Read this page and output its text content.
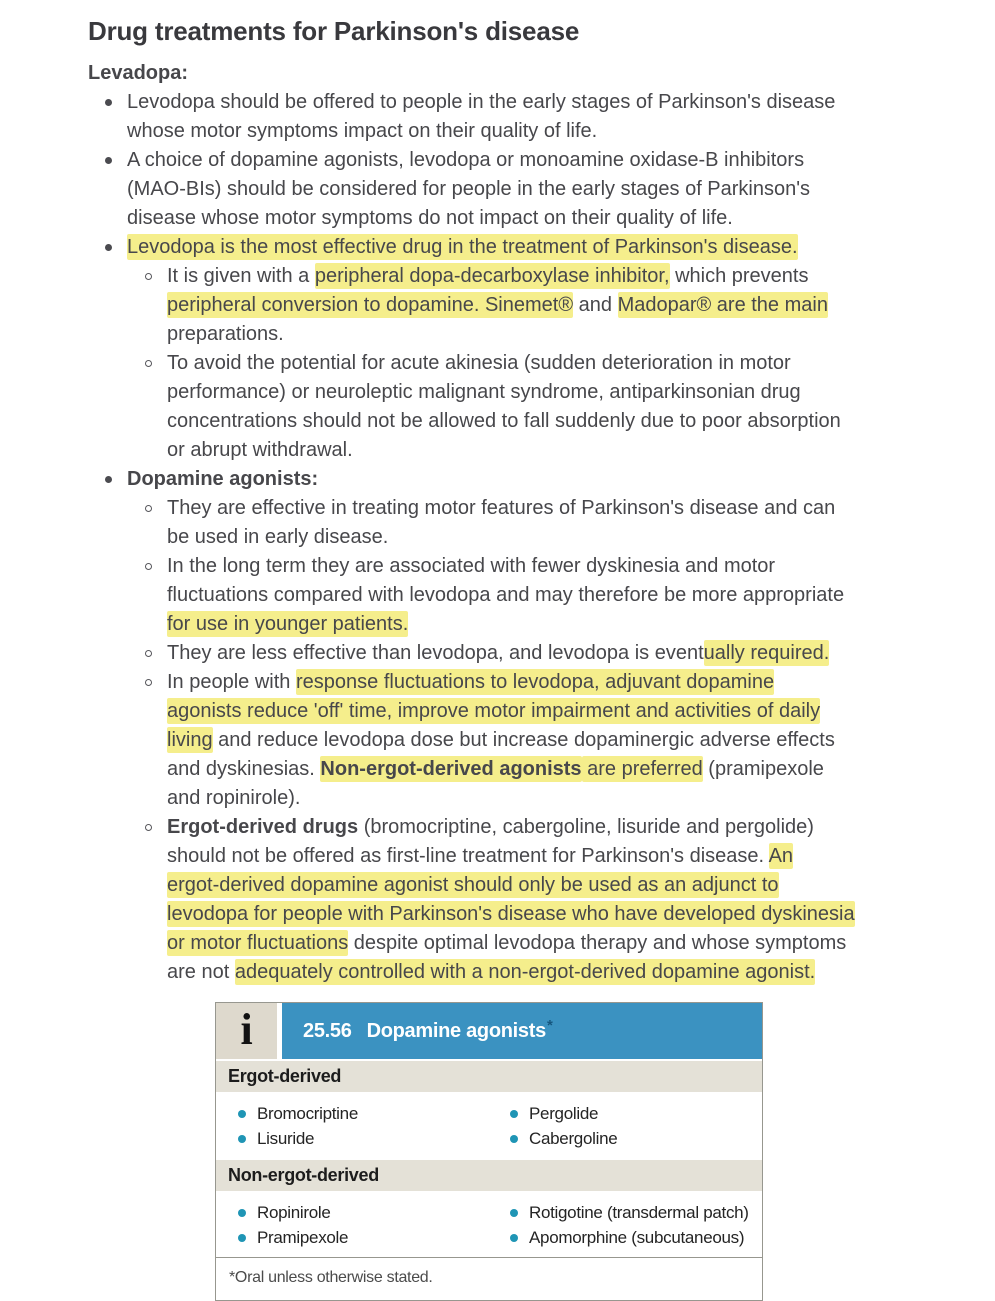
Drug treatments for Parkinson's disease
Levadopa:
Levodopa should be offered to people in the early stages of Parkinson's disease
whose motor symptoms impact on their quality of life.
A choice of dopamine agonists, levodopa or monoamine oxidase-B inhibitors
(MAO-BIs) should be considered for people in the early stages of Parkinson's
disease whose motor symptoms do not impact on their quality of life.
Levodopa is the most effective drug in the treatment of Parkinson's disease.
It is given with a peripheral dopa-decarboxylase inhibitor, which prevents
peripheral conversion to dopamine. Sinemet® and Madopar® are the main
preparations.
To avoid the potential for acute akinesia (sudden deterioration in motor
performance) or neuroleptic malignant syndrome, antiparkinsonian drug
concentrations should not be allowed to fall suddenly due to poor absorption
or abrupt withdrawal.
Dopamine agonists:
They are effective in treating motor features of Parkinson's disease and can
be used in early disease.
In the long term they are associated with fewer dyskinesia and motor
fluctuations compared with levodopa and may therefore be more appropriate
for use in younger patients.
They are less effective than levodopa, and levodopa is eventually required.
In people with response fluctuations to levodopa, adjuvant dopamine
agonists reduce 'off' time, improve motor impairment and activities of daily
living and reduce levodopa dose but increase dopaminergic adverse effects
and dyskinesias. Non-ergot-derived agonists are preferred (pramipexole
and ropinirole).
Ergot-derived drugs (bromocriptine, cabergoline, lisuride and pergolide)
should not be offered as first-line treatment for Parkinson's disease. An
ergot-derived dopamine agonist should only be used as an adjunct to
levodopa for people with Parkinson's disease who have developed dyskinesia
or motor fluctuations despite optimal levodopa therapy and whose symptoms
are not adequately controlled with a non-ergot-derived dopamine agonist.
i	25.56 Dopamine agonists *
Ergot-derived
Bromocriptine
Lisuride
Pergolide
Cabergoline
Non-ergot-derived
Ropinirole
Pramipexole
Rotigotine (transdermal patch)
Apomorphine (subcutaneous)
*Oral unless otherwise stated.
